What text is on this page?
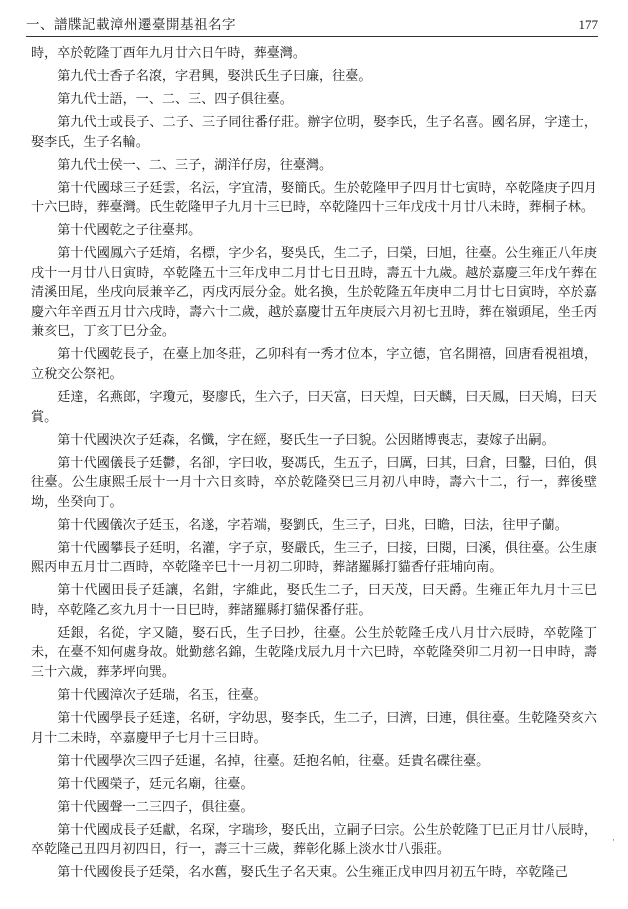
一、譜牒記載漳州遷臺開基祖名字	177

時，卒於乾隆丁酉年九月廿六日午時，葬臺灣。

第九代士香子名滾，字君興，娶洪氏生子曰廉，往臺。

第九代士語，一、二、三、四子俱往臺。

第九代士或長子、二子、三子同往番仔莊。辦字位明，娶李氏，生子名喜。國名屏，字達士，娶李氏，生子名輪。

第九代士侯一、二、三子，湖洋仔房，往臺灣。

第十代國球三子廷雲，名沄，字宜清，娶簡氏。生於乾隆甲子四月廿七寅時，卒乾隆庚子四月十六巳時，葬臺灣。氏生乾隆甲子九月十三巳時，卒乾隆四十三年戊戌十月廿八未時，葬桐子林。

第十代國乾之子往臺邦。

第十代國鳳六子廷焴，名標，字少名，娶吳氏，生二子，曰榮，曰旭，往臺。公生雍正八年庚戌十一月廿八日寅時，卒乾隆五十三年戊申二月廿七日丑時，壽五十九歲。越於嘉慶三年戊午葬在清溪田尾，坐戌向辰兼辛乙，丙戌丙辰分金。妣名換，生於乾隆五年庚申二月廿七日寅時，卒於嘉慶六年辛酉五月廿六戌時，壽六十二歲，越於嘉慶廿五年庚辰六月初七丑時，葬在嶺頭尾，坐壬丙兼亥巳，丁亥丁巳分金。

第十代國乾長子，在臺上加冬莊，乙卯科有一秀才位本，字立德，官名開禧，回唐看視祖墳，立稅交公祭祀。

廷達，名燕郎，字瓊元，娶廖氏，生六子，曰天富，曰天煌，曰天麟，曰天鳳，曰天鳩，曰天賞。

第十代國泱次子廷森，名懺，字在經，娶氏生一子曰貌。公因賭博喪志，妻嫁子出嗣。

第十代國儀長子廷鬱，名卻，字曰收，娶馮氏，生五子，曰厲，曰其，曰倉，曰鑿，曰伯，俱往臺。公生康熙壬辰十一月十六日亥時，卒於乾隆癸巳三月初八申時，壽六十二，行一，葬後壁坳，坐癸向丁。

第十代國儀次子廷玉，名遂，字若端，娶劉氏，生三子，曰兆，曰瞻，曰法，往甲子蘭。

第十代國攀長子廷明，名灌，字子京，娶嚴氏，生三子，曰接，曰閱，曰溪，俱往臺。公生康熙丙申五月廿二酉時，卒乾隆辛巳十一月初二卯時，葬諸羅縣打貓香仔莊埔向南。

第十代國田長子廷讓，名鉗，字維此，娶氏生二子，曰天茂，曰天爵。生雍正年九月十三巳時，卒乾隆乙亥九月十一日巳時，葬諸羅縣打貓保番仔莊。

廷銀，名從，字又隨，娶石氏，生子曰抄，往臺。公生於乾隆壬戌八月廿六辰時，卒乾隆丁未，在臺不知何處身故。妣勤慈名錦，生乾隆戊辰九月十六巳時，卒乾隆癸卯二月初一日申時，壽三十六歲，葬茅坪向巽。

第十代國漳次子廷瑞，名玉，往臺。

第十代國學長子廷達，名研，字幼思，娶李氏，生二子，曰濟，曰連，俱往臺。生乾隆癸亥六月十二未時，卒嘉慶甲子七月十三日時。

第十代國學次三四子廷暹，名掉，往臺。廷抱名帕，往臺。廷貴名碟往臺。

第十代國榮子，廷元名廟，往臺。

第十代國聲一二三四子，俱往臺。

第十代國成長子廷獻，名琛，字瑞珍，娶氏出，立嗣子曰宗。公生於乾隆丁巳正月廿八辰時，卒乾隆己丑四月初四日，行一，壽三十三歲，葬彰化縣上淡水廿八張莊。

第十代國俊長子廷榮，名水舊，娶氏生子名天東。公生雍正戊申四月初五午時，卒乾隆己

·
